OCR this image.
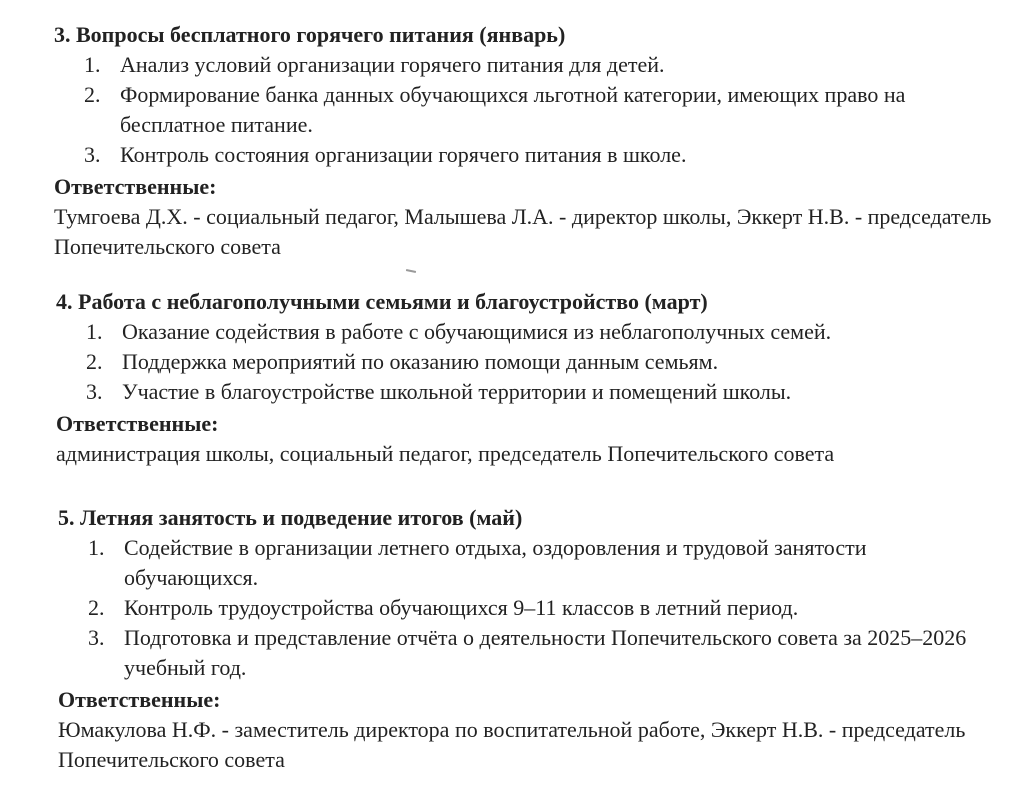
3. Вопросы бесплатного горячего питания (январь)
1. Анализ условий организации горячего питания для детей.
2. Формирование банка данных обучающихся льготной категории, имеющих право на бесплатное питание.
3. Контроль состояния организации горячего питания в школе.
Ответственные:
Тумгоева Д.Х. - социальный педагог, Малышева Л.А. - директор школы, Эккерт Н.В. - председатель Попечительского совета
4. Работа с неблагополучными семьями и благоустройство (март)
1. Оказание содействия в работе с обучающимися из неблагополучных семей.
2. Поддержка мероприятий по оказанию помощи данным семьям.
3. Участие в благоустройстве школьной территории и помещений школы.
Ответственные:
администрация школы, социальный педагог, председатель Попечительского совета
5. Летняя занятость и подведение итогов (май)
1. Содействие в организации летнего отдыха, оздоровления и трудовой занятости обучающихся.
2. Контроль трудоустройства обучающихся 9–11 классов в летний период.
3. Подготовка и представление отчёта о деятельности Попечительского совета за 2025–2026 учебный год.
Ответственные:
Юмакулова Н.Ф. - заместитель директора по воспитательной работе, Эккерт Н.В. - председатель Попечительского совета
